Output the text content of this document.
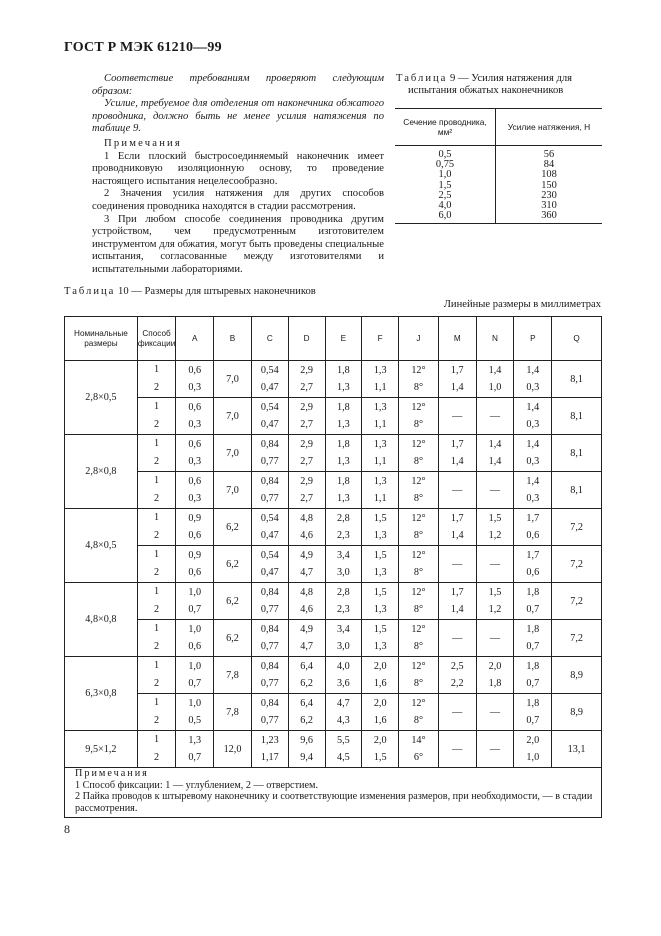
ГОСТ Р МЭК 61210—99

Соответствие требованиям проверяют следующим образом:

Усилие, требуемое для отделения от наконечника обжатого проводника, должно быть не менее усилия натяжения по таблице 9.

Примечания

1 Если плоский быстросоединяемый наконечник имеет проводниковую изоляционную основу, то проведение настоящего испытания нецелесообразно.

2 Значения усилия натяжения для других способов соединения проводника находятся в стадии рассмотрения.

3 При любом способе соединения проводника другим устройством, чем предусмотренным изготовителем инструментом для обжатия, могут быть проведены специальные испытания, согласованные между изготовителями и испытательными лабораториями.

Таблица 9 — Усилия натяжения для
испытания обжатых наконечников
Сечение проводника, мм²	Усилие натяжения, Н
0,5	56
0,75	84
1,0	108
1,5	150
2,5	230
4,0	310
6,0	360
Таблица 10 — Размеры для штыревых наконечников
Линейные размеры в миллиметрах
Номинальные размеры	Способ фиксации	A	B	C	D	E	F	J	M	N	P	Q
2,8×0,5	1	0,6	7,0	0,54	2,9	1,8	1,3	12°	1,7	1,4	1,4	8,1
	2	0,3		0,47	2,7	1,3	1,1	8°	1,4	1,0	0,3	
	1	0,6	7,0	0,54	2,9	1,8	1,3	12°	—	—	1,4	8,1
	2	0,3		0,47	2,7	1,3	1,1	8°			0,3	
2,8×0,8	1	0,6	7,0	0,84	2,9	1,8	1,3	12°	1,7	1,4	1,4	8,1
	2	0,3		0,77	2,7	1,3	1,1	8°	1,4	1,4	0,3	
	1	0,6	7,0	0,84	2,9	1,8	1,3	12°	—	—	1,4	8,1
	2	0,3		0,77	2,7	1,3	1,1	8°			0,3	
4,8×0,5	1	0,9	6,2	0,54	4,8	2,8	1,5	12°	1,7	1,5	1,7	7,2
	2	0,6		0,47	4,6	2,3	1,3	8°	1,4	1,2	0,6	
	1	0,9	6,2	0,54	4,9	3,4	1,5	12°	—	—	1,7	7,2
	2	0,6		0,47	4,7	3,0	1,3	8°			0,6	
4,8×0,8	1	1,0	6,2	0,84	4,8	2,8	1,5	12°	1,7	1,5	1,8	7,2
	2	0,7		0,77	4,6	2,3	1,3	8°	1,4	1,2	0,7	
	1	1,0	6,2	0,84	4,9	3,4	1,5	12°	—	—	1,8	7,2
	2	0,6		0,77	4,7	3,0	1,3	8°			0,7	
6,3×0,8	1	1,0	7,8	0,84	6,4	4,0	2,0	12°	2,5	2,0	1,8	8,9
	2	0,7		0,77	6,2	3,6	1,6	8°	2,2	1,8	0,7	
	1	1,0	7,8	0,84	6,4	4,7	2,0	12°	—	—	1,8	8,9
	2	0,5		0,77	6,2	4,3	1,6	8°			0,7	
9,5×1,2	1	1,3	12,0	1,23	9,6	5,5	2,0	14°	—	—	2,0	13,1
	2	0,7		1,17	9,4	4,5	1,5	6°			1,0	

Примечания

1 Способ фиксации: 1 — углублением, 2 — отверстием.

2 Пайка проводов к штыревому наконечнику и соответствующие изменения размеров, при необходимости, — в стадии рассмотрения.

8
